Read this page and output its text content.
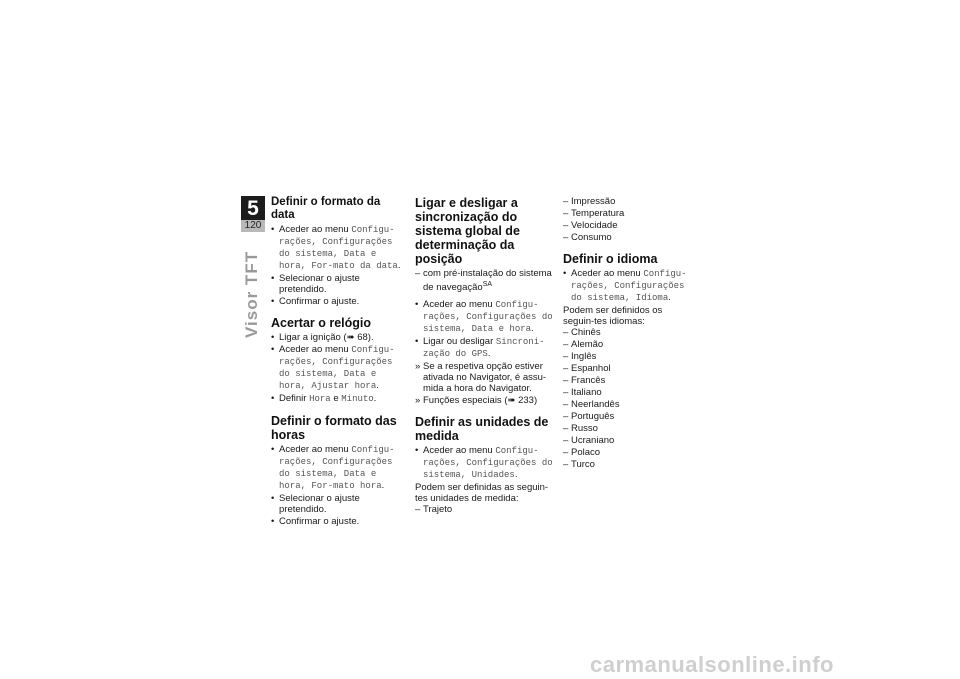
5
120
Visor TFT
Definir o formato da data
• Aceder ao menu Configu-rações, Configurações do sistema, Data e hora, For-mato da data.
• Selecionar o ajuste pretendido.
• Confirmar o ajuste.
Acertar o relógio
• Ligar a ignição (➠ 68).
• Aceder ao menu Configu-rações, Configurações do sistema, Data e hora, Ajustar hora.
• Definir Hora e Minuto.
Definir o formato das horas
• Aceder ao menu Configu-rações, Configurações do sistema, Data e hora, For-mato hora.
• Selecionar o ajuste pretendido.
• Confirmar o ajuste.
Ligar e desligar a sincronização do sistema global de determinação da posição
– com pré-instalação do sistema de navegação$^{SA}$
• Aceder ao menu Configu-rações, Configurações do sistema, Data e hora.
• Ligar ou desligar Sincroni-zação do GPS.
» Se a respetiva opção estiver ativada no Navigator, é assu-mida a hora do Navigator.
» Funções especiais (➠ 233)
Definir as unidades de medida
• Aceder ao menu Configu-rações, Configurações do sistema, Unidades.

Podem ser definidas as seguin-tes unidades de medida:

– Trajeto
– Impressão
– Temperatura
– Velocidade
– Consumo
Definir o idioma
• Aceder ao menu Configu-rações, Configurações do sistema, Idioma.

Podem ser definidos os seguin-tes idiomas:

– Chinês
– Alemão
– Inglês
– Espanhol
– Francês
– Italiano
– Neerlandês
– Português
– Russo
– Ucraniano
– Polaco
– Turco
carmanualsonline.info
